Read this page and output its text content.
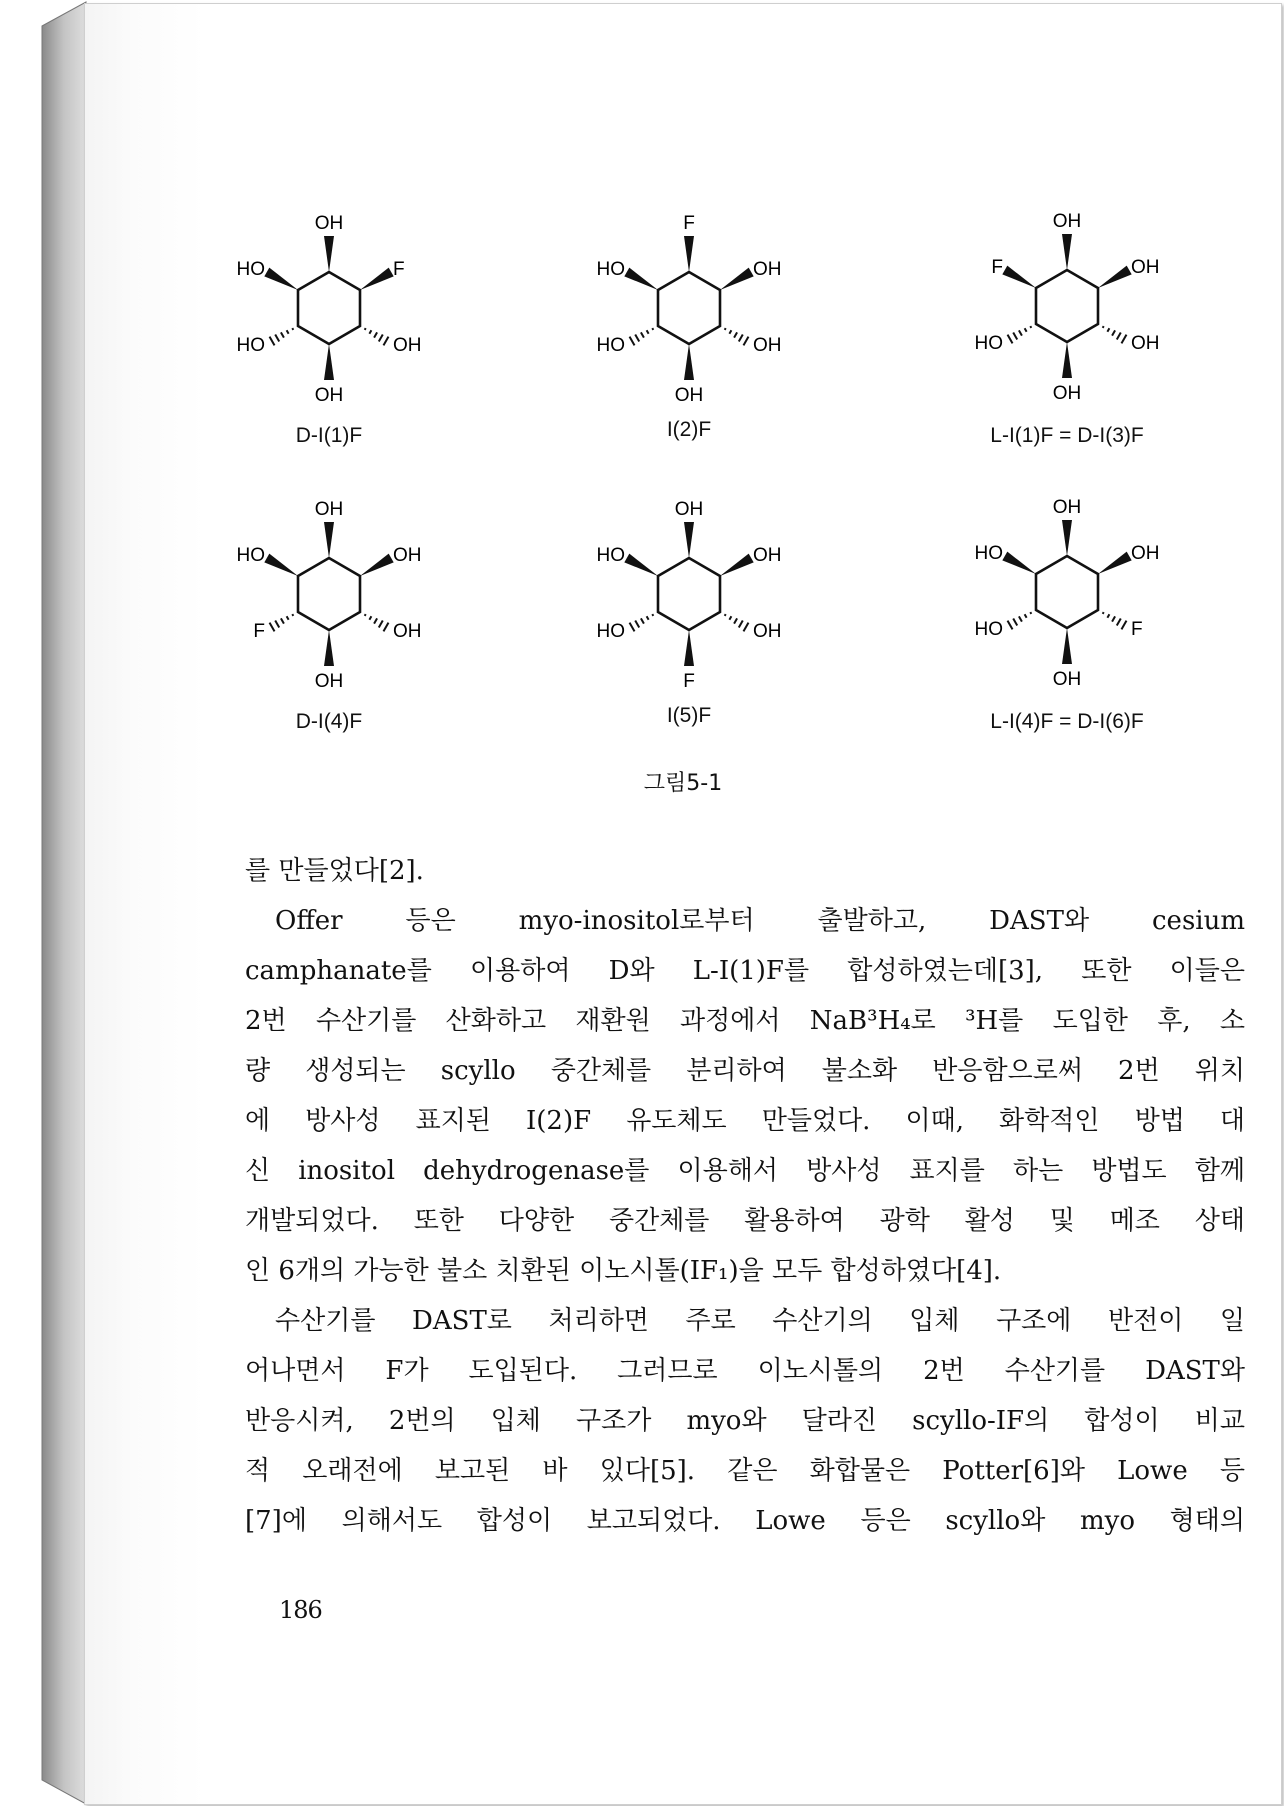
OH
HO	F
HO	OH
OH
F
HO	OH
HO	OH
OH
OH
F	OH
HO	OH
OH
OH
HO	OH
F	OH
OH
OH
HO	OH
HO	OH
F
OH
HO	OH
HO	F
OH
D-I(1)F	I(2)F	L-I(1)F = D-I(3)F
D-I(4)F	I(5)F	L-I(4)F = D-I(6)F
그림5-1
를 만들었다[2].
Offer 등은 myo-inositol로부터 출발하고, DAST와 cesium
camphanate를 이용하여 D와 L-I(1)F를 합성하였는데[3], 또한 이들은
2번 수산기를 산화하고 재환원 과정에서 NaB³H₄로 ³H를 도입한 후, 소
량 생성되는 scyllo 중간체를 분리하여 불소화 반응함으로써 2번 위치
에 방사성 표지된 I(2)F 유도체도 만들었다. 이때, 화학적인 방법 대
신 inositol dehydrogenase를 이용해서 방사성 표지를 하는 방법도 함께
개발되었다. 또한 다양한 중간체를 활용하여 광학 활성 및 메조 상태
인 6개의 가능한 불소 치환된 이노시톨(IF₁)을 모두 합성하였다[4].
수산기를 DAST로 처리하면 주로 수산기의 입체 구조에 반전이 일
어나면서 F가 도입된다. 그러므로 이노시톨의 2번 수산기를 DAST와
반응시켜, 2번의 입체 구조가 myo와 달라진 scyllo-IF의 합성이 비교
적 오래전에 보고된 바 있다[5]. 같은 화합물은 Potter[6]와 Lowe 등
[7]에 의해서도 합성이 보고되었다. Lowe 등은 scyllo와 myo 형태의
186
